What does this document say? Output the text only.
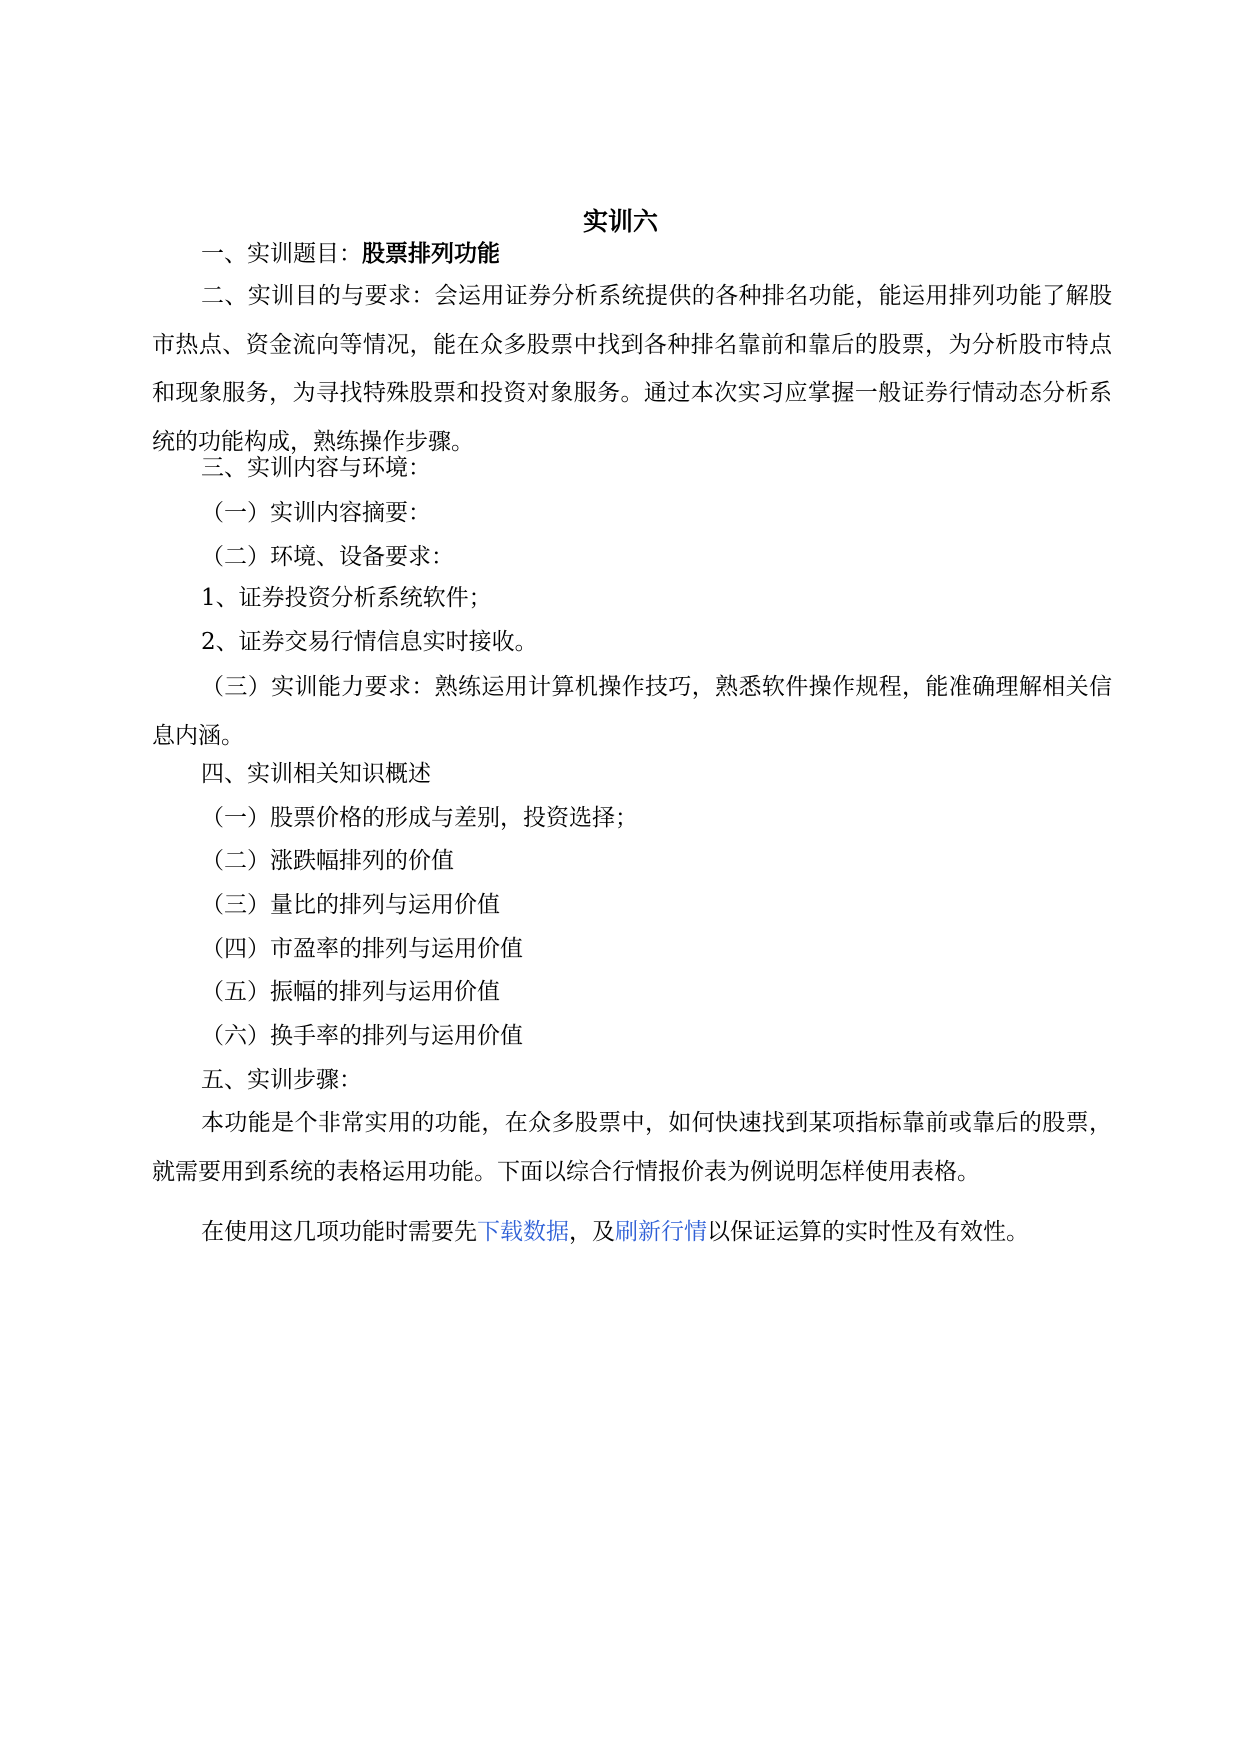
实训六
一、实训题目：股票排列功能
二、实训目的与要求：会运用证券分析系统提供的各种排名功能，能运用排列功能了解股市热点、资金流向等情况，能在众多股票中找到各种排名靠前和靠后的股票，为分析股市特点和现象服务，为寻找特殊股票和投资对象服务。通过本次实习应掌握一般证券行情动态分析系统的功能构成，熟练操作步骤。
三、实训内容与环境：
（一）实训内容摘要：
（二）环境、设备要求：
1、证券投资分析系统软件；
2、证券交易行情信息实时接收。
（三）实训能力要求：熟练运用计算机操作技巧，熟悉软件操作规程，能准确理解相关信息内涵。
四、实训相关知识概述
（一）股票价格的形成与差别，投资选择；
（二）涨跌幅排列的价值
（三）量比的排列与运用价值
（四）市盈率的排列与运用价值
（五）振幅的排列与运用价值
（六）换手率的排列与运用价值
五、实训步骤：
本功能是个非常实用的功能，在众多股票中，如何快速找到某项指标靠前或靠后的股票，就需要用到系统的表格运用功能。下面以综合行情报价表为例说明怎样使用表格。
在使用这几项功能时需要先下载数据，及刷新行情以保证运算的实时性及有效性。
